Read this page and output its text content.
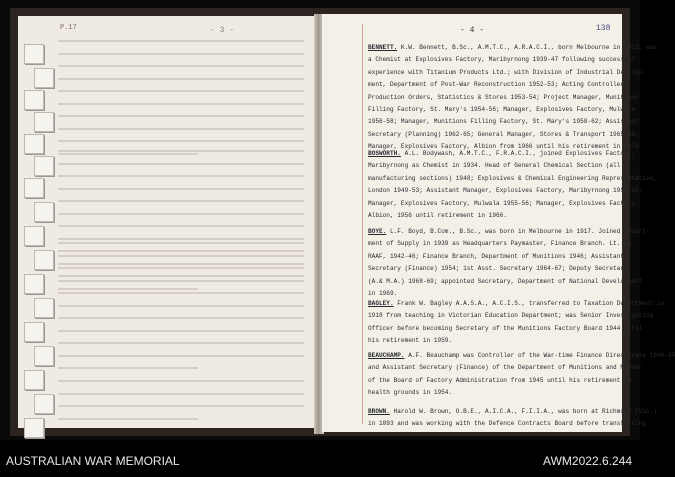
P.17	- 3 -	- 4 -	138
BENNETT. K.W. Bennett, B.Sc., A.M.T.C., A.R.A.C.I., born Melbourne in 1912, was
a Chemist at Explosives Factory, Maribyrnong 1939-47 following successful
experience with Titanium Products Ltd.; with Division of Industrial Develop-
ment, Department of Post-War Reconstruction 1952-53; Acting Controller,
Production Orders, Statistics & Stores 1953-54; Project Manager, Munitions
Filling Factory, St. Mary's 1954-56; Manager, Explosives Factory, Mulwala
1956-58; Manager, Munitions Filling Factory, St. Mary's 1958-62; Assistant
Secretary (Planning) 1962-65; General Manager, Stores & Transport 1965-66;
Manager, Explosives Factory, Albion from 1966 until his retirement in 1972.
BOSWORTH. A.L. Bodywash, A.M.T.C., F.R.A.C.I., joined Explosives Factory,
Maribyrnong as Chemist in 1934. Head of General Chemical Section (all
manufacturing sections) 1948; Explosives & Chemical Engineering Representative,
London 1949-53; Assistant Manager, Explosives Factory, Maribyrnong 1953-55;
Manager, Explosives Factory, Mulwala 1955-56; Manager, Explosives Factory,
Albion, 1956 until retirement in 1966.
BOYE. L.F. Boyd, B.Com., B.Sc., was born in Melbourne in 1917. Joined Depart-
ment of Supply in 1939 as Headquarters Paymaster, Finance Branch. Lt. in
RAAF, 1942-46; Finance Branch, Department of Munitions 1946; Assistant
Secretary (Finance) 1954; 1st Asst. Secretary 1964-67; Deputy Secretary
(A.& M.A.) 1968-69; appointed Secretary, Department of National Development
in 1969.
BAGLEY. Frank W. Bagley A.A.S.A., A.C.I.S., transferred to Taxation Department in
1918 from teaching in Victorian Education Department; was Senior Investigating
Officer before becoming Secretary of the Munitions Factory Board 1944 until
his retirement in 1959.
BEAUCHAMP. A.F. Beauchamp was Controller of the War-time Finance Directorate 1940-45
and Assistant Secretary (Finance) of the Department of Munitions and Member
of the Board of Factory Administration from 1945 until his retirement on
health grounds in 1954.
BROWN. Harold W. Brown, O.B.E., A.I.C.A., F.I.I.A., was born at Richmond (Vic.)
in 1893 and was working with the Defence Contracts Board before transferring
AUSTRALIAN WAR MEMORIAL	AWM2022.6.244
